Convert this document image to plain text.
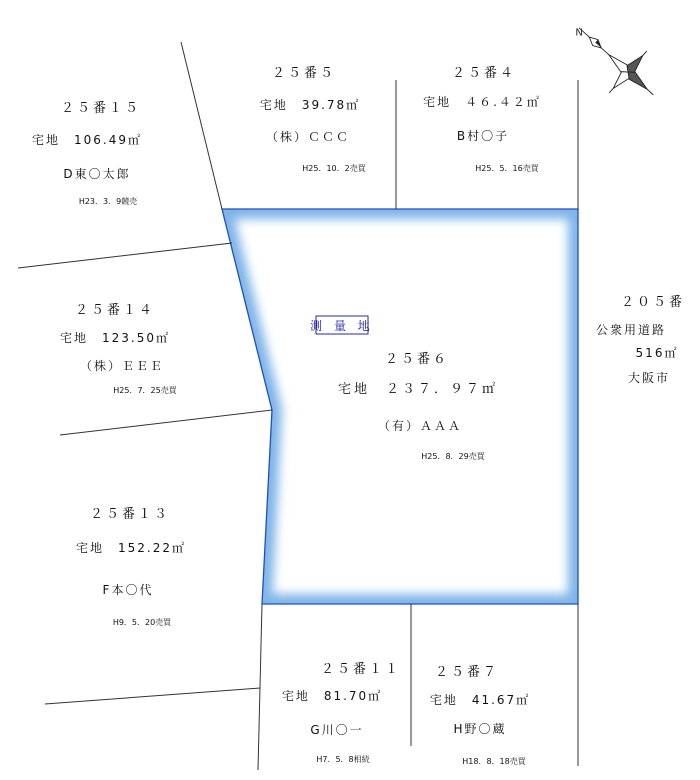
N
測 量 地
２５番１５
宅地　106.49㎡
D東〇太郎
H23．3．9競売
２５番５
宅地　39.78㎡
（株）ＣＣＣ
H25．10．2売買
２５番４
宅地　４６.４２㎡
B村〇子
H25．5．16売買
２５番１４
宅地　123.50㎡
（株）ＥＥＥ
H25．7．25売買
２５番６
宅地　２３７．９７㎡
（有）ＡＡＡ
H25．8．29売買
２０５番
公衆用道路
516㎡
大阪市
２５番１３
宅地　152.22㎡
F本〇代
H9．5．20売買
２５番１１
宅地　81.70㎡
G川〇一
H7．5．8相続
２５番７
宅地　41.67㎡
H野〇蔵
H18．8．18売買
